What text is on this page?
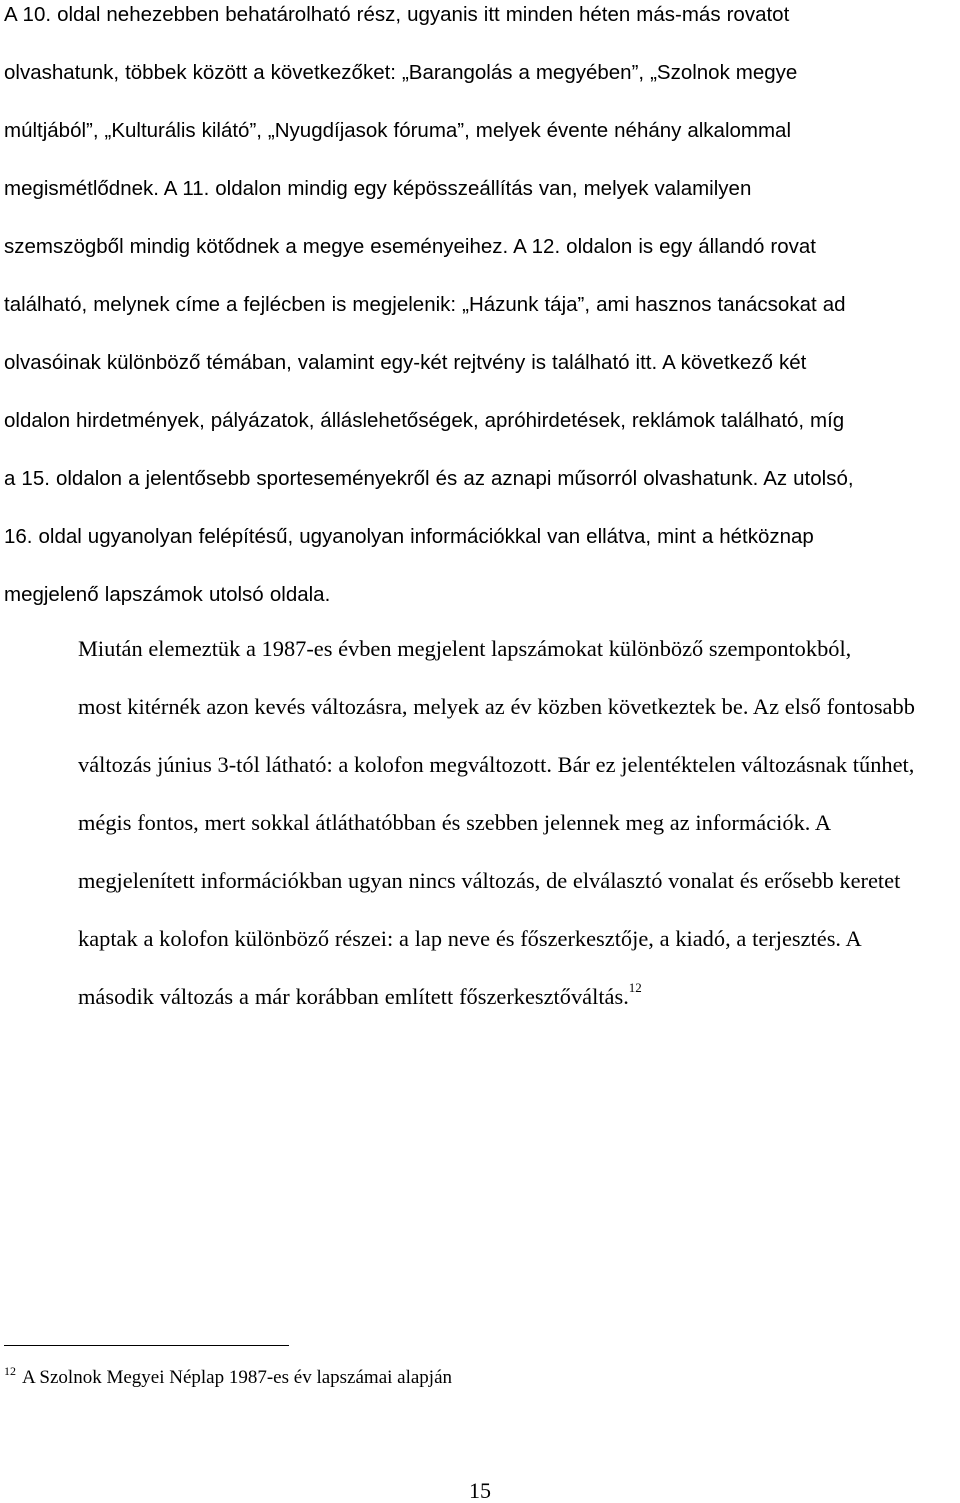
A 10. oldal nehezebben behatárolható rész, ugyanis itt minden héten más-más rovatot
olvashatunk, többek között a következőket: „Barangolás a megyében”, „Szolnok megye
múltjából”, „Kulturális kilátó”, „Nyugdíjasok fóruma”, melyek évente néhány alkalommal
megismétlődnek. A 11. oldalon mindig egy képösszeállítás van, melyek valamilyen
szemszögből mindig kötődnek a megye eseményeihez. A 12. oldalon is egy állandó rovat
található, melynek címe a fejlécben is megjelenik: „Házunk tája”, ami hasznos tanácsokat ad
olvasóinak különböző témában, valamint egy-két rejtvény is található itt. A következő két
oldalon hirdetmények, pályázatok, álláslehetőségek, apróhirdetések, reklámok található, míg
a 15. oldalon a jelentősebb sporteseményekről és az aznapi műsorról olvashatunk. Az utolsó,
16. oldal ugyanolyan felépítésű, ugyanolyan információkkal van ellátva, mint a hétköznap
megjelenő lapszámok utolsó oldala.
Miután elemeztük a 1987-es évben megjelent lapszámokat különböző szempontokból,
most kitérnék azon kevés változásra, melyek az év közben következtek be. Az első fontosabb
változás június 3-tól látható: a kolofon megváltozott. Bár ez jelentéktelen változásnak tűnhet,
mégis fontos, mert sokkal átláthatóbban és szebben jelennek meg az információk. A
megjelenített információkban ugyan nincs változás, de elválasztó vonalat és erősebb keretet
kaptak a kolofon különböző részei: a lap neve és főszerkesztője, a kiadó, a terjesztés. A
második változás a már korábban említett főszerkesztőváltás.$^{12}$
$^{12}$ A Szolnok Megyei Néplap 1987-es év lapszámai alapján
15
